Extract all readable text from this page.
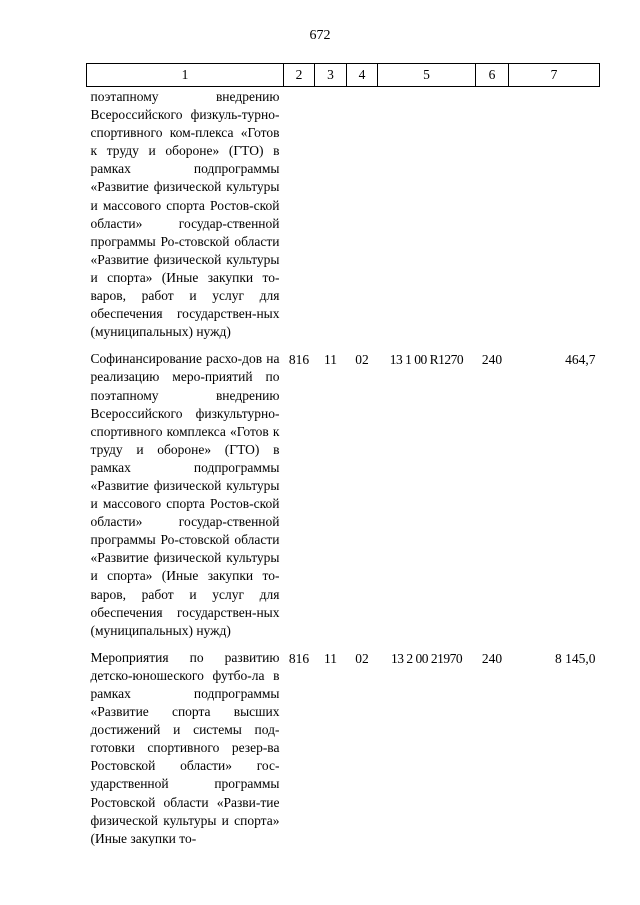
672
1	2	3	4	5	6	7
поэтапному внедрению Всероссийского физкуль-турно-спортивного ком-плекса «Готов к труду и обороне» (ГТО) в рамках подпрограммы «Развитие физической культуры и массового спорта Ростов-ской области» государ-ственной программы Ро-стовской области «Развитие физической культуры и спорта» (Иные закупки то-варов, работ и услуг для обеспечения государствен-ных (муниципальных) нужд)						
Софинансирование расхо-дов на реализацию меро-приятий по поэтапному внедрению Всероссийского физкультурно-спортивного комплекса «Готов к труду и обороне» (ГТО) в рамках подпрограммы «Развитие физической культуры и массового спорта Ростов-ской области» государ-ственной программы Ро-стовской области «Развитие физической культуры и спорта» (Иные закупки то-варов, работ и услуг для обеспечения государствен-ных (муниципальных) нужд)	816	11	02	13 1 00 R1270	240	464,7
Мероприятия по развитию детско-юношеского футбо-ла в рамках подпрограммы «Развитие спорта высших достижений и системы под-готовки спортивного резер-ва Ростовской области» гос-ударственной программы Ростовской области «Разви-тие физической культуры и спорта» (Иные закупки то-	816	11	02	13 2 00 21970	240	8 145,0
